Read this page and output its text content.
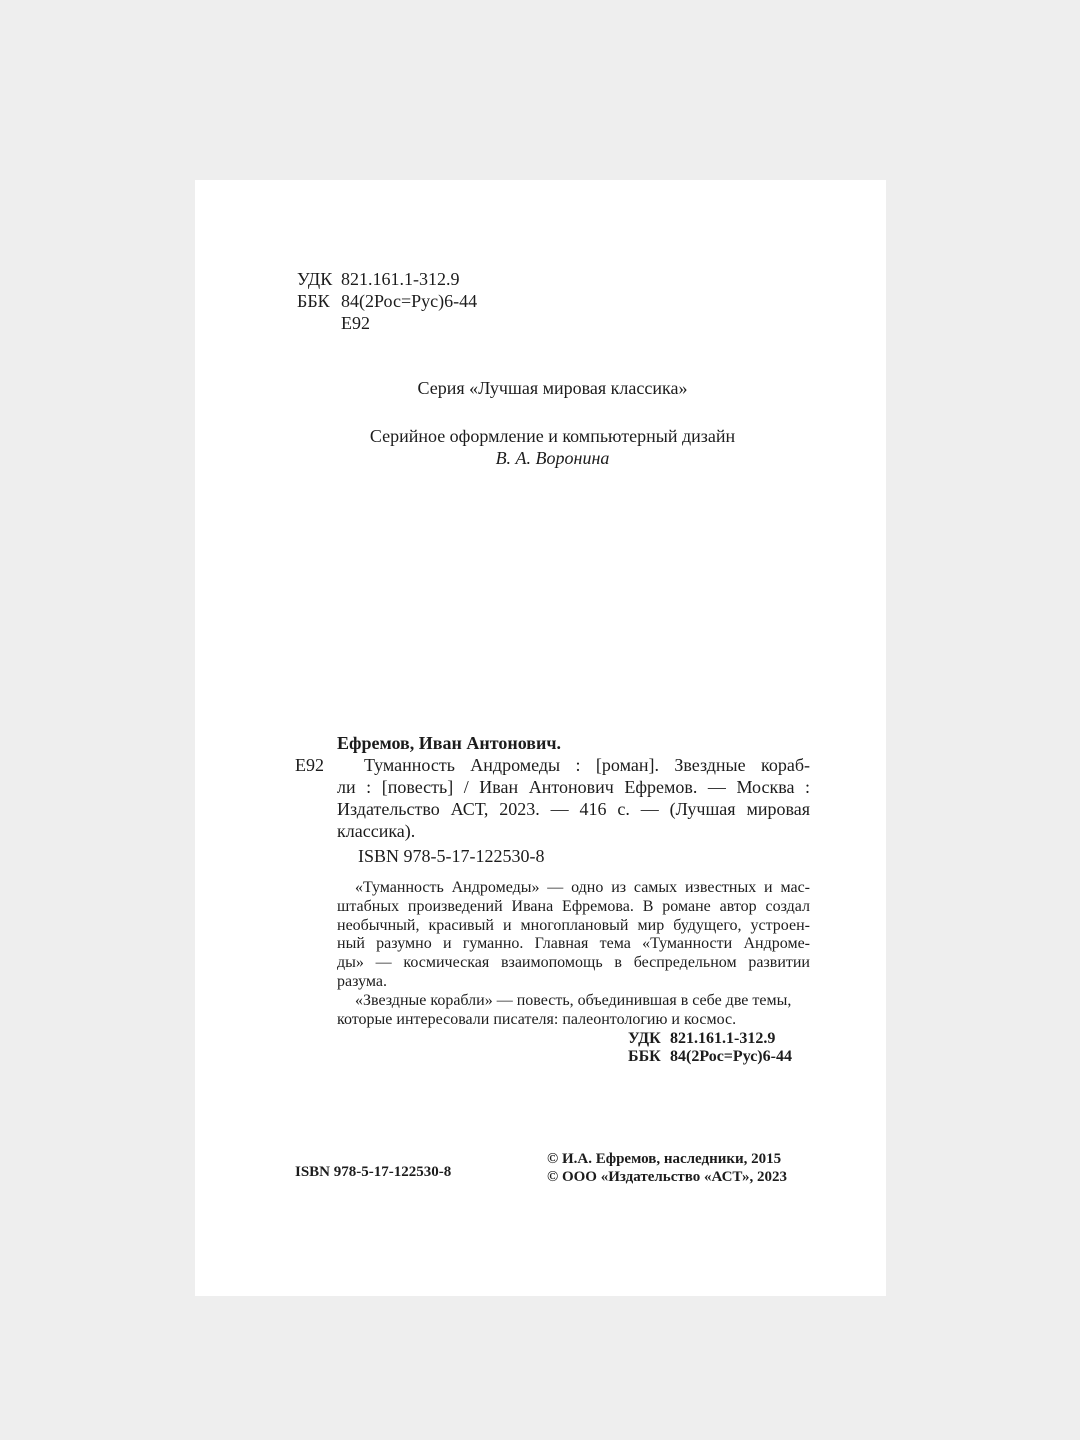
УДК 821.161.1-312.9
ББК 84(2Рос=Рус)6-44
Е92
Серия «Лучшая мировая классика»
Серийное оформление и компьютерный дизайн
В. А. Воронина
Ефремов, Иван Антонович.
Е92	Туманность Андромеды : [роман]. Звездные кораб-
ли : [повесть] / Иван Антонович Ефремов. — Москва :
Издательство АСТ, 2023. — 416 с. — (Лучшая мировая
классика).
ISBN 978-5-17-122530-8
«Туманность Андромеды» — одно из самых известных и мас-
штабных произведений Ивана Ефремова. В романе автор создал
необычный, красивый и многоплановый мир будущего, устроен-
ный разумно и гуманно. Главная тема «Туманности Андроме-
ды» — космическая взаимопомощь в беспредельном развитии
разума.
«Звездные корабли» — повесть, объединившая в себе две темы,
которые интересовали писателя: палеонтологию и космос.
УДК 821.161.1-312.9
ББК 84(2Рос=Рус)6-44
ISBN 978-5-17-122530-8
© И.А. Ефремов, наследники, 2015
© ООО «Издательство «АСТ», 2023
